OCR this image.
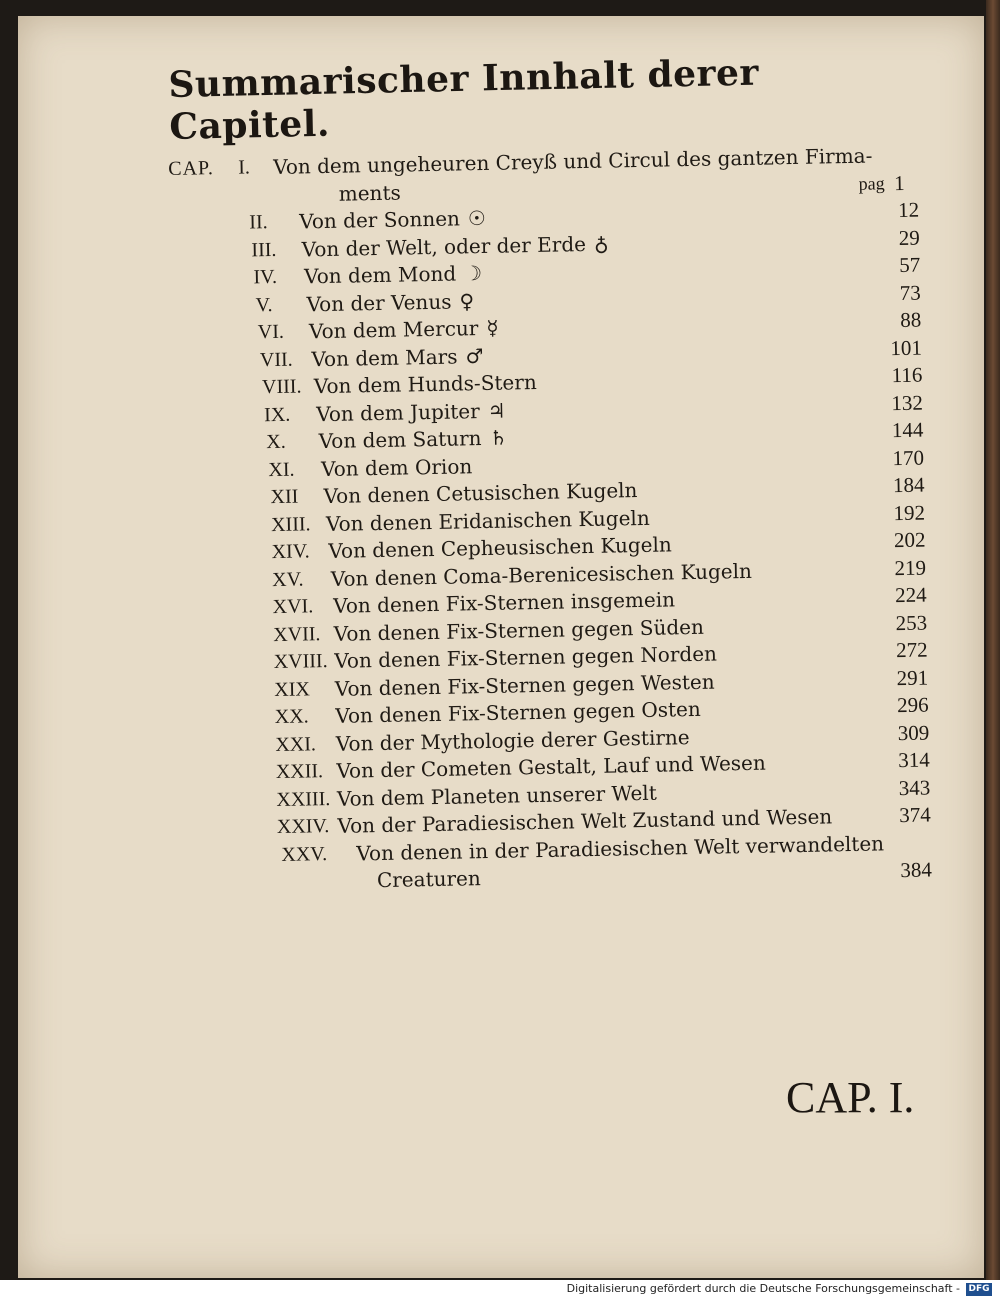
Summarischer Innhalt derer Capitel.
CAP. I. Von dem ungeheuren Creyß und Circul des gantzen Firma-
ments	pag 1
II. Von der Sonnen ☉	12
III. Von der Welt, oder der Erde ♁	29
IV. Von dem Mond ☽	57
V. Von der Venus ♀	73
VI. Von dem Mercur ☿	88
VII. Von dem Mars ♂	101
VIII. Von dem Hunds-Stern	116
IX. Von dem Jupiter ♃	132
X. Von dem Saturn ♄	144
XI. Von dem Orion	170
XII Von denen Cetusischen Kugeln	184
XIII. Von denen Eridanischen Kugeln	192
XIV. Von denen Cepheusischen Kugeln	202
XV. Von denen Coma-Berenicesischen Kugeln	219
XVI. Von denen Fix-Sternen insgemein	224
XVII. Von denen Fix-Sternen gegen Süden	253
XVIII. Von denen Fix-Sternen gegen Norden	272
XIX Von denen Fix-Sternen gegen Westen	291
XX. Von denen Fix-Sternen gegen Osten	296
XXI. Von der Mythologie derer Gestirne	309
XXII. Von der Cometen Gestalt, Lauf und Wesen	314
XXIII. Von dem Planeten unserer Welt	343
XXIV. Von der Paradiesischen Welt Zustand und Wesen	374
XXV. Von denen in der Paradiesischen Welt verwandelten
Creaturen	384
CAP. I.
Digitalisierung gefördert durch die Deutsche Forschungsgemeinschaft - DFG
